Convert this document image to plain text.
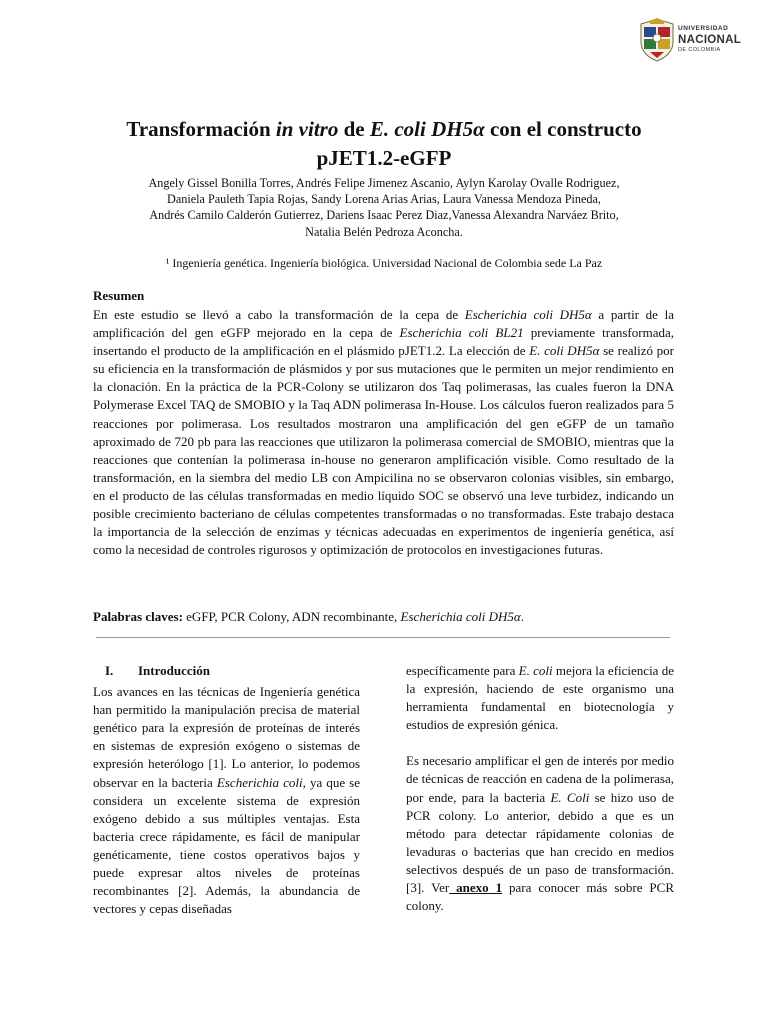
UNIVERSIDAD
NACIONAL
DE COLOMBIA
Transformación in vitro de E. coli DH5α con el constructo pJET1.2-eGFP
Angely Gissel Bonilla Torres, Andrés Felipe Jimenez Ascanio, Aylyn Karolay Ovalle Rodriguez,
Daniela Pauleth Tapia Rojas, Sandy Lorena Arias Arias, Laura Vanessa Mendoza Pineda,
Andrés Camilo Calderón Gutierrez, Dariens Isaac Perez Diaz,Vanessa Alexandra Narváez Brito,
Natalia Belén Pedroza Aconcha.
¹ Ingeniería genética. Ingeniería biológica. Universidad Nacional de Colombia sede La Paz
Resumen
En este estudio se llevó a cabo la transformación de la cepa de Escherichia coli DH5α a partir de la amplificación del gen eGFP mejorado en la cepa de Escherichia coli BL21 previamente transformada, insertando el producto de la amplificación en el plásmido pJET1.2. La elección de E. coli DH5α se realizó por su eficiencia en la transformación de plásmidos y por sus mutaciones que le permiten un mejor rendimiento en la clonación. En la práctica de la PCR-Colony se utilizaron dos Taq polimerasas, las cuales fueron la DNA Polymerase Excel TAQ de SMOBIO y la Taq ADN polimerasa In-House. Los cálculos fueron realizados para 5 reacciones por polimerasa. Los resultados mostraron una amplificación del gen eGFP de un tamaño aproximado de 720 pb para las reacciones que utilizaron la polimerasa comercial de SMOBIO, mientras que la reacciones que contenían la polimerasa in-house no generaron amplificación visible. Como resultado de la transformación, en la siembra del medio LB con Ampicilina no se observaron colonias visibles, sin embargo, en el producto de las células transformadas en medio líquido SOC se observó una leve turbidez, indicando un posible crecimiento bacteriano de células competentes transformadas o no transformadas. Este trabajo destaca la importancia de la selección de enzimas y técnicas adecuadas en experimentos de ingeniería genética, así como la necesidad de controles rigurosos y optimización de protocolos en investigaciones futuras.
Palabras claves: eGFP, PCR Colony, ADN recombinante, Escherichia coli DH5α.
I. Introducción

Los avances en las técnicas de Ingeniería genética han permitido la manipulación precisa de material genético para la expresión de proteínas de interés en sistemas de expresión exógeno o sistemas de expresión heterólogo [1]. Lo anterior, lo podemos observar en la bacteria Escherichia coli, ya que se considera un excelente sistema de expresión exógeno debido a sus múltiples ventajas. Esta bacteria crece rápidamente, es fácil de manipular genéticamente, tiene costos operativos bajos y puede expresar altos niveles de proteínas recombinantes [2]. Además, la abundancia de vectores y cepas diseñadas

específicamente para E. coli mejora la eficiencia de la expresión, haciendo de este organismo una herramienta fundamental en biotecnología y estudios de expresión génica.

Es necesario amplificar el gen de interés por medio de técnicas de reacción en cadena de la polimerasa, por ende, para la bacteria E. Coli se hizo uso de PCR colony. Lo anterior, debido a que es un método para detectar rápidamente colonias de levaduras o bacterias que han crecido en medios selectivos después de un paso de transformación. [3]. Ver anexo 1 para conocer más sobre PCR colony.
